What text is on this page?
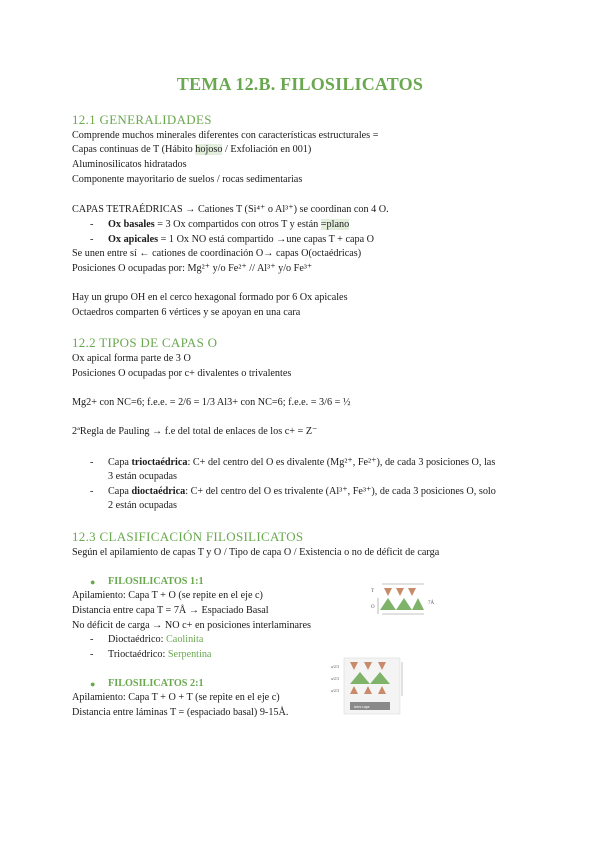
TEMA 12.B. FILOSILICATOS
12.1 GENERALIDADES
Comprende muchos minerales diferentes con características estructurales =
Capas continuas de T (Hábito hojoso / Exfoliación en 001)
Aluminosilicatos hidratados
Componente mayoritario de suelos / rocas sedimentarias
CAPAS TETRAÉDRICAS → Cationes T (Si⁴⁺ o Al³⁺) se coordinan con 4 O.
- Ox basales = 3 Ox compartidos con otros T y están =plano
- Ox apicales = 1 Ox NO está compartido →une capas T + capa O
Se unen entre sí ← cationes de coordinación O→ capas O(octaédricas)
Posiciones O ocupadas por: Mg²⁺ y/o Fe²⁺ // Al³⁺ y/o Fe³⁺
Hay un grupo OH en el cerco hexagonal formado por 6 Ox apicales
Octaedros comparten 6 vértices y se apoyan en una cara
12.2 TIPOS DE CAPAS O
Ox apical forma parte de 3 O
Posiciones O ocupadas por c+ divalentes o trivalentes
Mg2+ con NC=6; f.e.e. = 2/6 = 1/3 Al3+ con NC=6; f.e.e. = 3/6 = ½
2ªRegla de Pauling → f.e del total de enlaces de los c+ = Z⁻
- Capa trioctaédrica: C+ del centro del O es divalente (Mg²⁺, Fe²⁺), de cada 3 posiciones O, las
3 están ocupadas
- Capa dioctaédrica: C+ del centro del O es trivalente (Al³⁺, Fe³⁺), de cada 3 posiciones O, solo
2 están ocupadas
12.3 CLASIFICACIÓN FILOSILICATOS
Según el apilamiento de capas T y O / Tipo de capa O / Existencia o no de déficit de carga
● FILOSILICATOS 1:1
Apilamiento: Capa T + O (se repite en el eje c)
Distancia entre capa T = 7Å → Espaciado Basal
No déficit de carga → NO c+ en posiciones interlaminares
- Dioctaédrico: Caolinita
- Trioctaédrico: Serpentina
● FILOSILICATOS 2:1
Apilamiento: Capa T + O + T (se repite en el eje c)
Distancia entre láminas T = (espaciado basal) 9-15Å.
O
T
7Å
a/2/3
a/2/3
a/2/3
inter.capa
